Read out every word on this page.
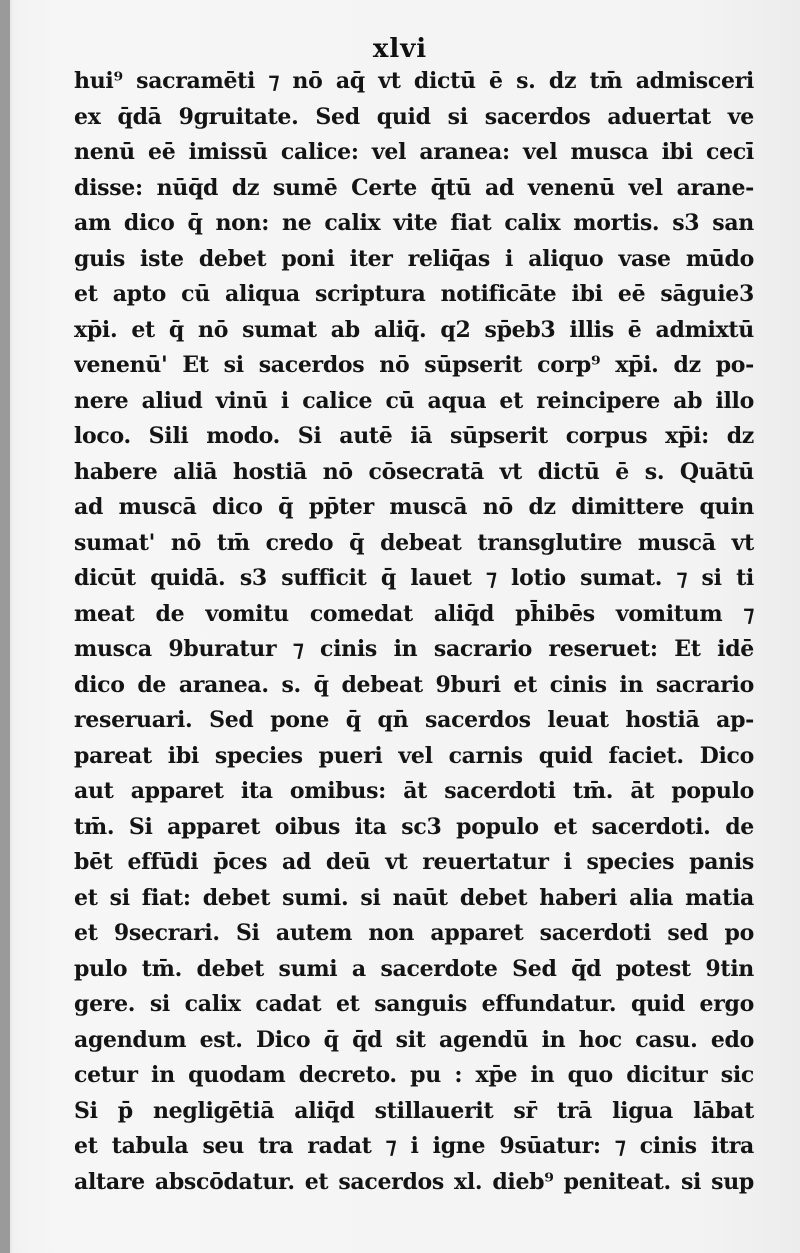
xlvi
hui⁹ sacramēti ⁊ nō aq̄ vt dictū ē s. dz tm̄ admisceri
ex q̄dā 9gruitate. Sed quid si sacerdos aduertat ve
nenū eē imissū calice: vel aranea: vel musca ibi cecī
disse: nūq̄d dz sumē Certe q̄tū ad venenū vel arane-
am dico q̄ non: ne calix vite fiat calix mortis. s3 san
guis iste debet poni iter reliq̄as i aliquo vase mūdo
et apto cū aliqua scriptura notificāte ibi eē sāguie3
xp̄i. et q̄ nō sumat ab aliq̄. q2 sp̄eb3 illis ē admixtū
venenū' Et si sacerdos nō sūpserit corp⁹ xp̄i. dz po-
nere aliud vinū i calice cū aqua et reincipere ab illo
loco. Sili modo. Si autē iā sūpserit corpus xp̄i: dz
habere aliā hostiā nō cōsecratā vt dictū ē s. Quātū
ad muscā dico q̄ pp̄ter muscā nō dz dimittere quin
sumat' nō tm̄ credo q̄ debeat transglutire muscā vt
dicūt quidā. s3 sufficit q̄ lauet ⁊ lotio sumat. ⁊ si ti
meat de vomitu comedat aliq̄d ph̄ibēs vomitum ⁊
musca 9buratur ⁊ cinis in sacrario reseruet: Et idē
dico de aranea. s. q̄ debeat 9buri et cinis in sacrario
reseruari. Sed pone q̄ qn̄ sacerdos leuat hostiā ap-
pareat ibi species pueri vel carnis quid faciet. Dico
aut apparet ita omibus: āt sacerdoti tm̄. āt populo
tm̄. Si apparet oibus ita sc3 populo et sacerdoti. de
bēt effūdi p̄ces ad deū vt reuertatur i species panis
et si fiat: debet sumi. si naūt debet haberi alia matia
et 9secrari. Si autem non apparet sacerdoti sed po
pulo tm̄. debet sumi a sacerdote Sed q̄d potest 9tin
gere. si calix cadat et sanguis effundatur. quid ergo
agendum est. Dico q̄ q̄d sit agendū in hoc casu. edo
cetur in quodam decreto. pu : xp̄e in quo dicitur sic
Si p̄ negligētiā aliq̄d stillauerit sr̄ trā ligua lābat
et tabula seu tra radat ⁊ i igne 9sūatur: ⁊ cinis itra
altare abscōdatur. et sacerdos xl. dieb⁹ peniteat. si sup
